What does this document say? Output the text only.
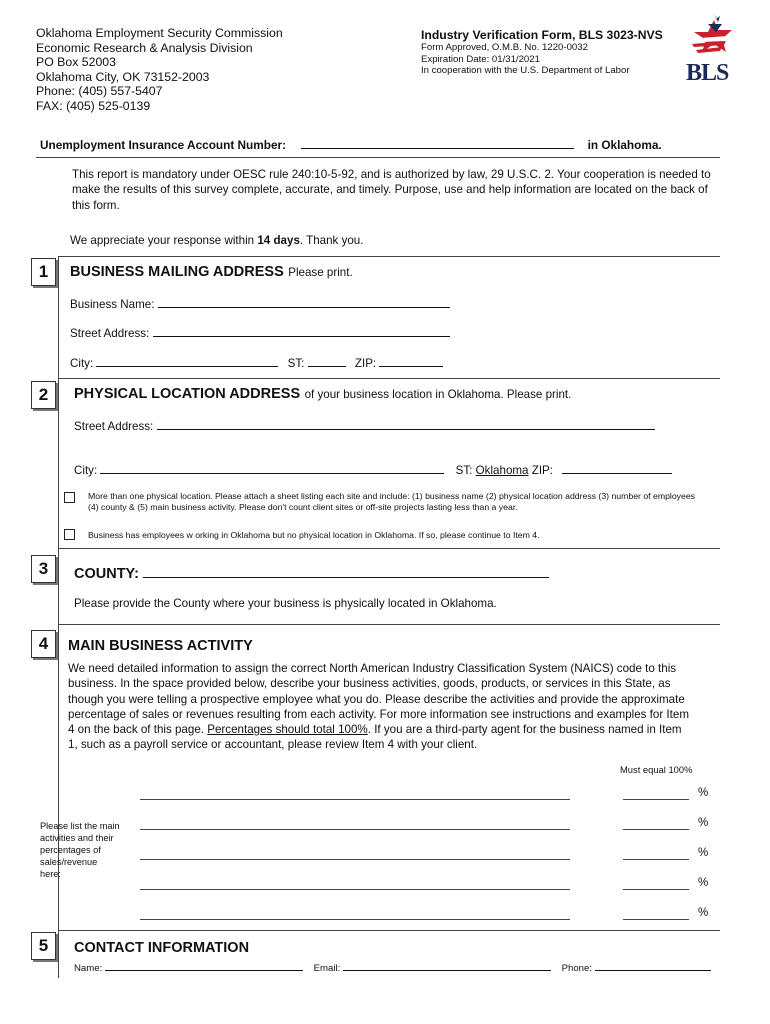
Oklahoma Employment Security Commission
Economic Research & Analysis Division
PO Box 52003
Oklahoma City, OK 73152-2003
Phone: (405) 557-5407
FAX: (405) 525-0139
Industry Verification Form, BLS 3023-NVS
Form Approved, O.M.B. No. 1220-0032
Expiration Date: 01/31/2021
In cooperation with the U.S. Department of Labor	BLS
Unemployment Insurance Account Number:	in Oklahoma.
This report is mandatory under OESC rule 240:10-5-92, and is authorized by law, 29 U.S.C. 2. Your cooperation is needed to make the results of this survey complete, accurate, and timely. Purpose, use and help information are located on the back of this form.
We appreciate your response within 14 days. Thank you.
1	BUSINESS MAILING ADDRESS Please print.
Business Name:
Street Address:
City:	ST:	ZIP:
2	PHYSICAL LOCATION ADDRESS of your business location in Oklahoma. Please print.
Street Address:
City:	ST: Oklahoma ZIP:
More than one physical location. Please attach a sheet listing each site and include: (1) business name (2) physical location address (3) number of employees (4) county & (5) main business activity. Please don't count client sites or off-site projects lasting less than a year.
Business has employees w orking in Oklahoma but no physical location in Oklahoma. If so, please continue to Item 4.
3	COUNTY:
Please provide the County where your business is physically located in Oklahoma.
4	MAIN BUSINESS ACTIVITY
We need detailed information to assign the correct North American Industry Classification System (NAICS) code to this business. In the space provided below, describe your business activities, goods, products, or services in this State, as though you were telling a prospective employee what you do. Please describe the activities and provide the approximate percentage of sales or revenues resulting from each activity. For more information see instructions and examples for Item 4 on the back of this page. Percentages should total 100%. If you are a third-party agent for the business named in Item 1, such as a payroll service or accountant, please review Item 4 with your client.
Must equal 100%
Please list the main activities and their percentages of sales/revenue here:
%
%
%
%
%
5	CONTACT INFORMATION
Name:	Email:	Phone:
